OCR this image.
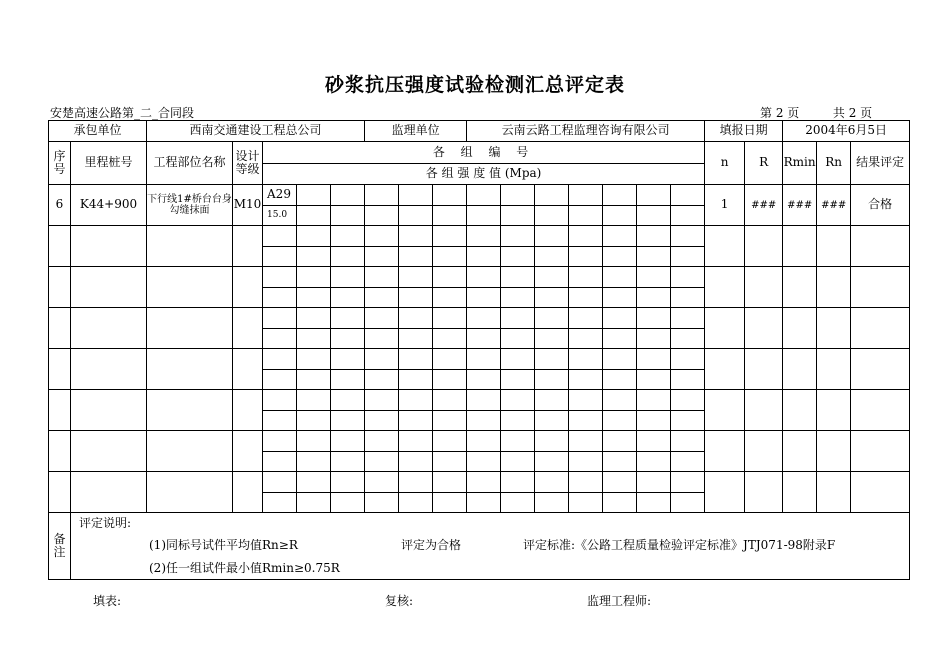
砂浆抗压强度试验检测汇总评定表
安楚高速公路第_二_合同段	第 2 页	共 2 页
承包单位		西南交通建设工程总公司					监理单位			云南云路工程监理咨询有限公司							填报日期		2004年6月5日		
序号	里程桩号	工程部位名称	设计等级	各 组 编 号													n	R	Rmin	Rn	结果评定
				各 组 强 度 值 (Mpa)																	
6	K44+900	下行线1#桥台台身勾缝抹面	M10	A29													1	###	###	###	合格
				15.0																	

备注	评定说明:
(1)同标号试件平均值Rn≥R 评定为合格 评定标准:《公路工程质量检验评定标准》JTJ071-98附录F
(2)任一组试件最小值Rmin≥0.75R																				
填表:	复核:	监理工程师:
